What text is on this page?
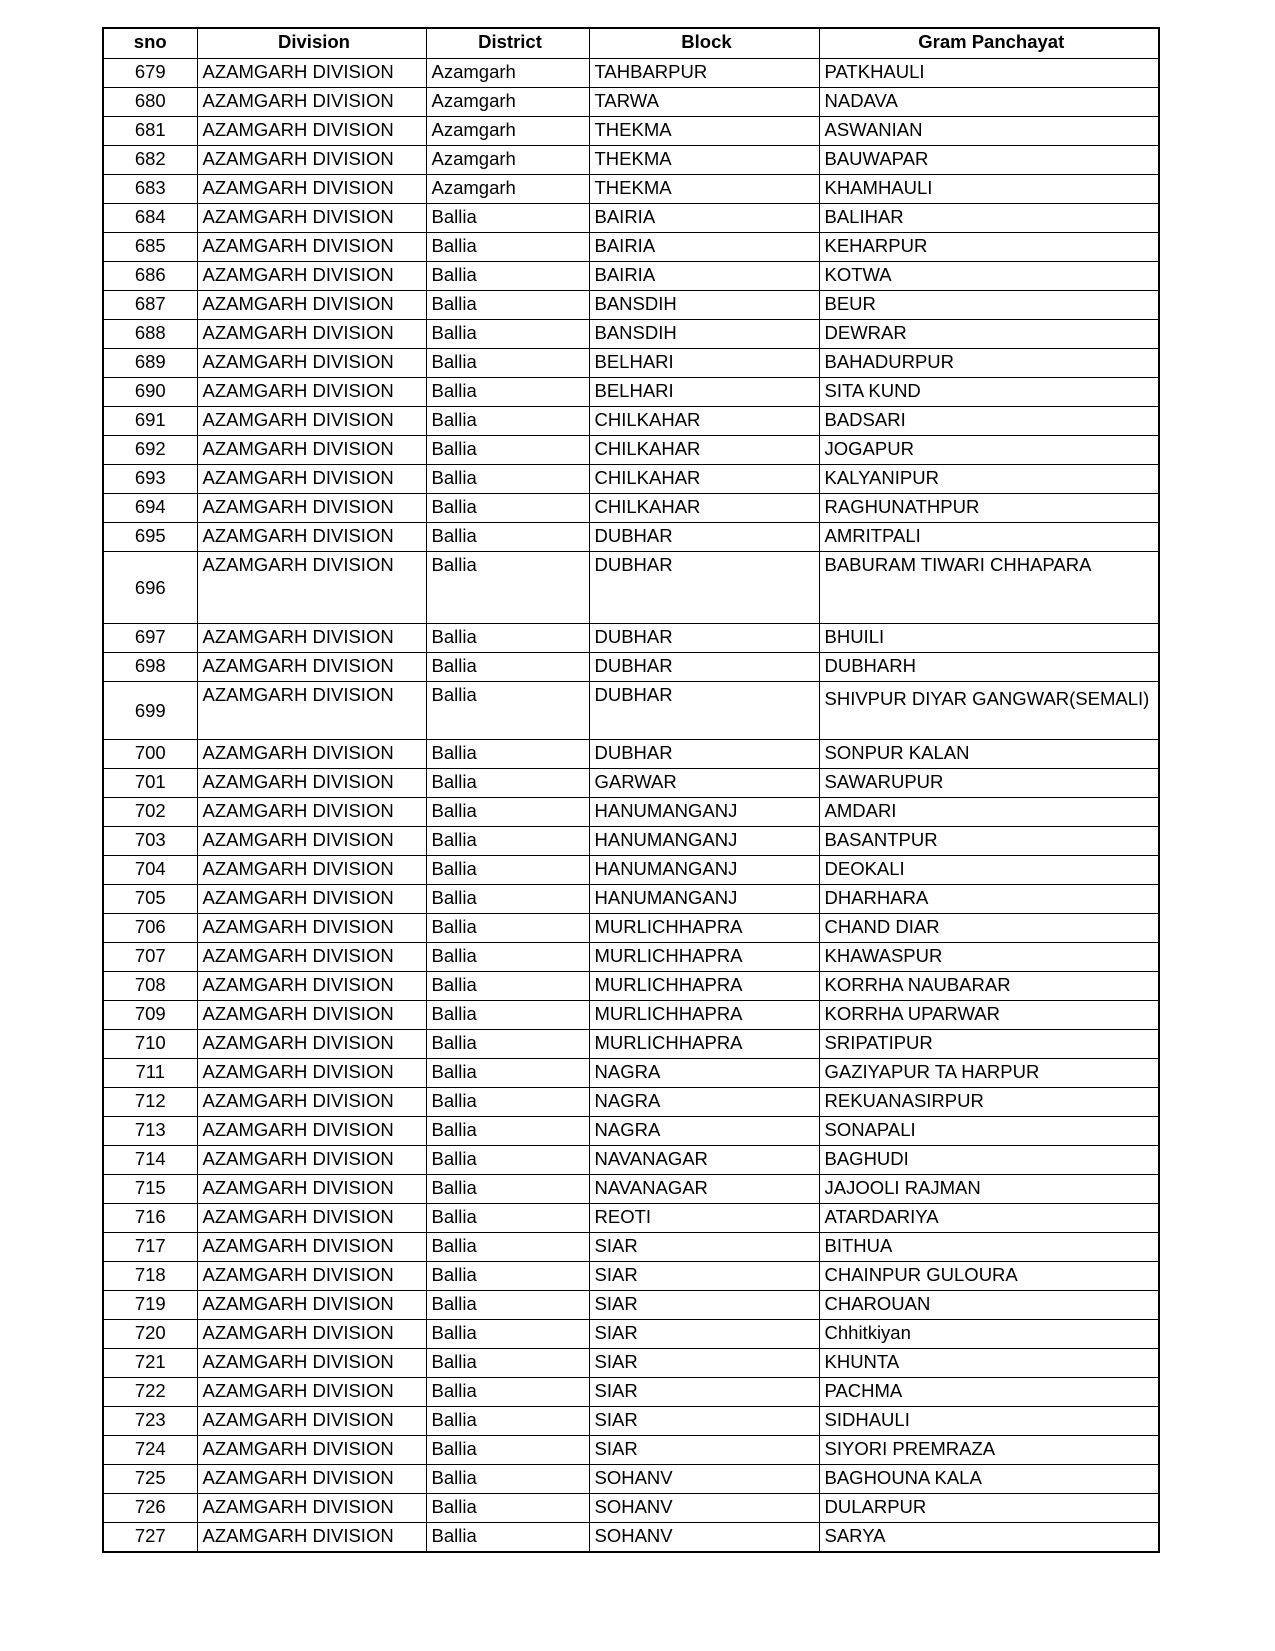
sno	Division	District	Block	Gram Panchayat

679	AZAMGARH DIVISION	Azamgarh	TAHBARPUR	PATKHAULI

680	AZAMGARH DIVISION	Azamgarh	TARWA	NADAVA

681	AZAMGARH DIVISION	Azamgarh	THEKMA	ASWANIAN

682	AZAMGARH DIVISION	Azamgarh	THEKMA	BAUWAPAR

683	AZAMGARH DIVISION	Azamgarh	THEKMA	KHAMHAULI

684	AZAMGARH DIVISION	Ballia	BAIRIA	BALIHAR

685	AZAMGARH DIVISION	Ballia	BAIRIA	KEHARPUR

686	AZAMGARH DIVISION	Ballia	BAIRIA	KOTWA

687	AZAMGARH DIVISION	Ballia	BANSDIH	BEUR

688	AZAMGARH DIVISION	Ballia	BANSDIH	DEWRAR

689	AZAMGARH DIVISION	Ballia	BELHARI	BAHADURPUR

690	AZAMGARH DIVISION	Ballia	BELHARI	SITA KUND

691	AZAMGARH DIVISION	Ballia	CHILKAHAR	BADSARI

692	AZAMGARH DIVISION	Ballia	CHILKAHAR	JOGAPUR

693	AZAMGARH DIVISION	Ballia	CHILKAHAR	KALYANIPUR

694	AZAMGARH DIVISION	Ballia	CHILKAHAR	RAGHUNATHPUR

695	AZAMGARH DIVISION	Ballia	DUBHAR	AMRITPALI

696	AZAMGARH DIVISION	Ballia	DUBHAR	BABURAM TIWARI CHHAPARA

697	AZAMGARH DIVISION	Ballia	DUBHAR	BHUILI

698	AZAMGARH DIVISION	Ballia	DUBHAR	DUBHARH

699	AZAMGARH DIVISION	Ballia	DUBHAR	SHIVPUR DIYAR GANGWAR(SEMALI)

700	AZAMGARH DIVISION	Ballia	DUBHAR	SONPUR KALAN

701	AZAMGARH DIVISION	Ballia	GARWAR	SAWARUPUR

702	AZAMGARH DIVISION	Ballia	HANUMANGANJ	AMDARI

703	AZAMGARH DIVISION	Ballia	HANUMANGANJ	BASANTPUR

704	AZAMGARH DIVISION	Ballia	HANUMANGANJ	DEOKALI

705	AZAMGARH DIVISION	Ballia	HANUMANGANJ	DHARHARA

706	AZAMGARH DIVISION	Ballia	MURLICHHAPRA	CHAND DIAR

707	AZAMGARH DIVISION	Ballia	MURLICHHAPRA	KHAWASPUR

708	AZAMGARH DIVISION	Ballia	MURLICHHAPRA	KORRHA NAUBARAR

709	AZAMGARH DIVISION	Ballia	MURLICHHAPRA	KORRHA UPARWAR

710	AZAMGARH DIVISION	Ballia	MURLICHHAPRA	SRIPATIPUR

711	AZAMGARH DIVISION	Ballia	NAGRA	GAZIYAPUR TA HARPUR

712	AZAMGARH DIVISION	Ballia	NAGRA	REKUANASIRPUR

713	AZAMGARH DIVISION	Ballia	NAGRA	SONAPALI

714	AZAMGARH DIVISION	Ballia	NAVANAGAR	BAGHUDI

715	AZAMGARH DIVISION	Ballia	NAVANAGAR	JAJOOLI RAJMAN

716	AZAMGARH DIVISION	Ballia	REOTI	ATARDARIYA

717	AZAMGARH DIVISION	Ballia	SIAR	BITHUA

718	AZAMGARH DIVISION	Ballia	SIAR	CHAINPUR GULOURA

719	AZAMGARH DIVISION	Ballia	SIAR	CHAROUAN

720	AZAMGARH DIVISION	Ballia	SIAR	Chhitkiyan

721	AZAMGARH DIVISION	Ballia	SIAR	KHUNTA

722	AZAMGARH DIVISION	Ballia	SIAR	PACHMA

723	AZAMGARH DIVISION	Ballia	SIAR	SIDHAULI

724	AZAMGARH DIVISION	Ballia	SIAR	SIYORI PREMRAZA

725	AZAMGARH DIVISION	Ballia	SOHANV	BAGHOUNA KALA

726	AZAMGARH DIVISION	Ballia	SOHANV	DULARPUR

727	AZAMGARH DIVISION	Ballia	SOHANV	SARYA
